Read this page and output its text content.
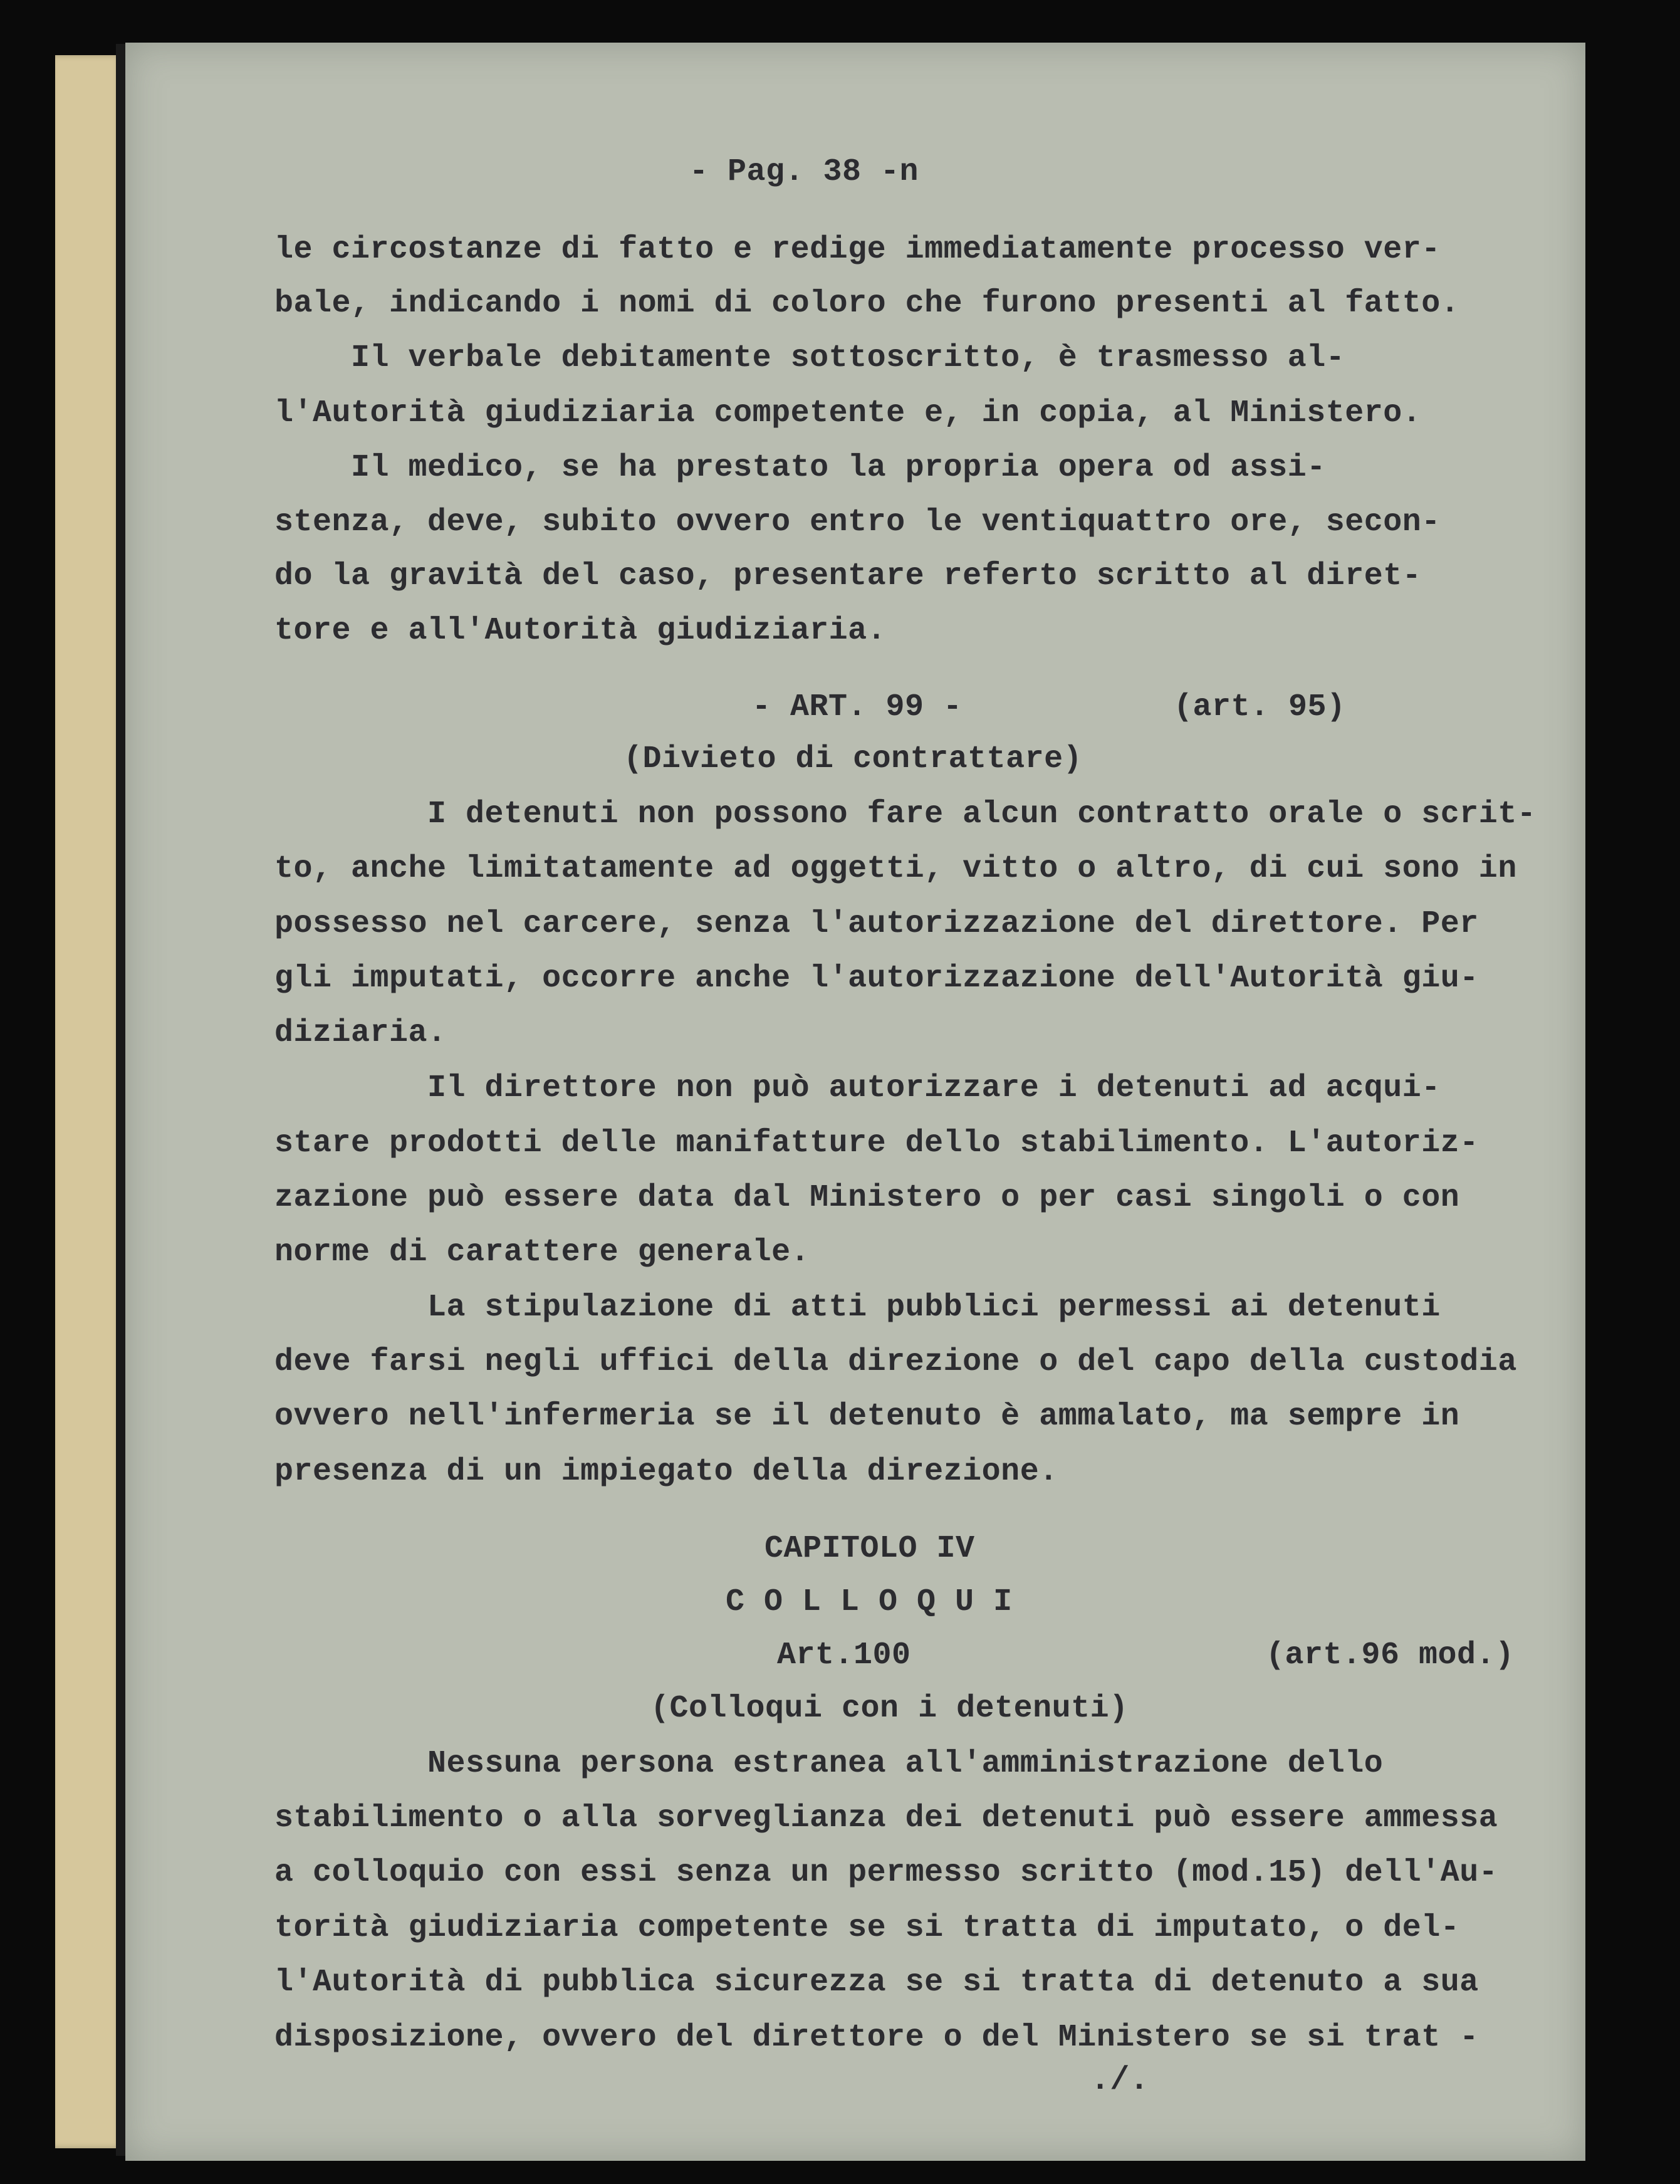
- Pag. 38 -n
le circostanze di fatto e redige immediatamente processo ver-
bale, indicando i nomi di coloro che furono presenti al fatto.
Il verbale debitamente sottoscritto, è trasmesso al-
l'Autorità giudiziaria competente e, in copia, al Ministero.
Il medico, se ha prestato la propria opera od assi-
stenza, deve, subito ovvero entro le ventiquattro ore, secon-
do la gravità del caso, presentare referto scritto al diret-
tore e all'Autorità giudiziaria.
- ART. 99 -	(art. 95)
(Divieto di contrattare)
I detenuti non possono fare alcun contratto orale o scrit-
to, anche limitatamente ad oggetti, vitto o altro, di cui sono in
possesso nel carcere, senza l'autorizzazione del direttore. Per
gli imputati, occorre anche l'autorizzazione dell'Autorità giu-
diziaria.
Il direttore non può autorizzare i detenuti ad acqui-
stare prodotti delle manifatture dello stabilimento. L'autoriz-
zazione può essere data dal Ministero o per casi singoli o con
norme di carattere generale.
La stipulazione di atti pubblici permessi ai detenuti
deve farsi negli uffici della direzione o del capo della custodia
ovvero nell'infermeria se il detenuto è ammalato, ma sempre in
presenza di un impiegato della direzione.
CAPITOLO IV
C O L L O Q U I
Art.100	(art.96 mod.)
(Colloqui con i detenuti)
Nessuna persona estranea all'amministrazione dello
stabilimento o alla sorveglianza dei detenuti può essere ammessa
a colloquio con essi senza un permesso scritto (mod.15) dell'Au-
torità giudiziaria competente se si tratta di imputato, o del-
l'Autorità di pubblica sicurezza se si tratta di detenuto a sua
disposizione, ovvero del direttore o del Ministero se si trat -
./.
